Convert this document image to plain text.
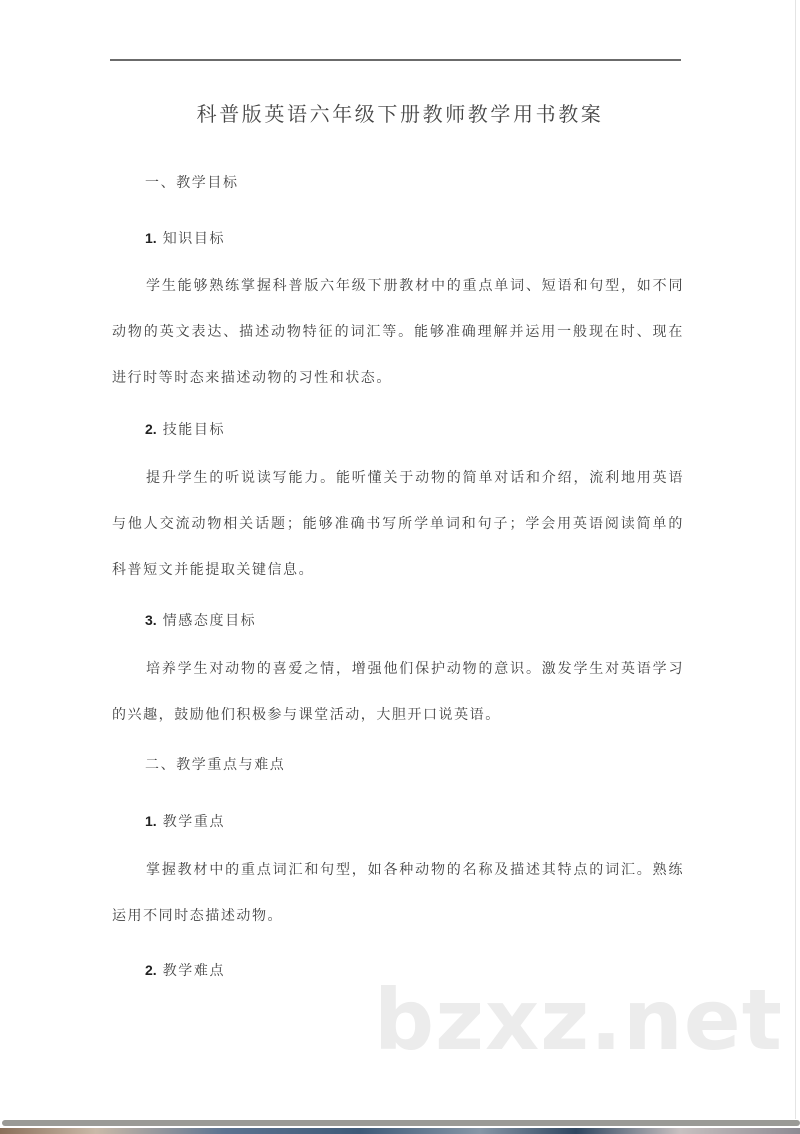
科普版英语六年级下册教师教学用书教案
一、教学目标
1. 知识目标

学生能够熟练掌握科普版六年级下册教材中的重点单词、短语和句型，如不同动物的英文表达、描述动物特征的词汇等。能够准确理解并运用一般现在时、现在进行时等时态来描述动物的习性和状态。

2. 技能目标

提升学生的听说读写能力。能听懂关于动物的简单对话和介绍，流利地用英语与他人交流动物相关话题；能够准确书写所学单词和句子；学会用英语阅读简单的科普短文并能提取关键信息。

3. 情感态度目标

培养学生对动物的喜爱之情，增强他们保护动物的意识。激发学生对英语学习的兴趣，鼓励他们积极参与课堂活动，大胆开口说英语。

二、教学重点与难点
1. 教学重点

掌握教材中的重点词汇和句型，如各种动物的名称及描述其特点的词汇。熟练运用不同时态描述动物。

2. 教学难点 bzxz.net
